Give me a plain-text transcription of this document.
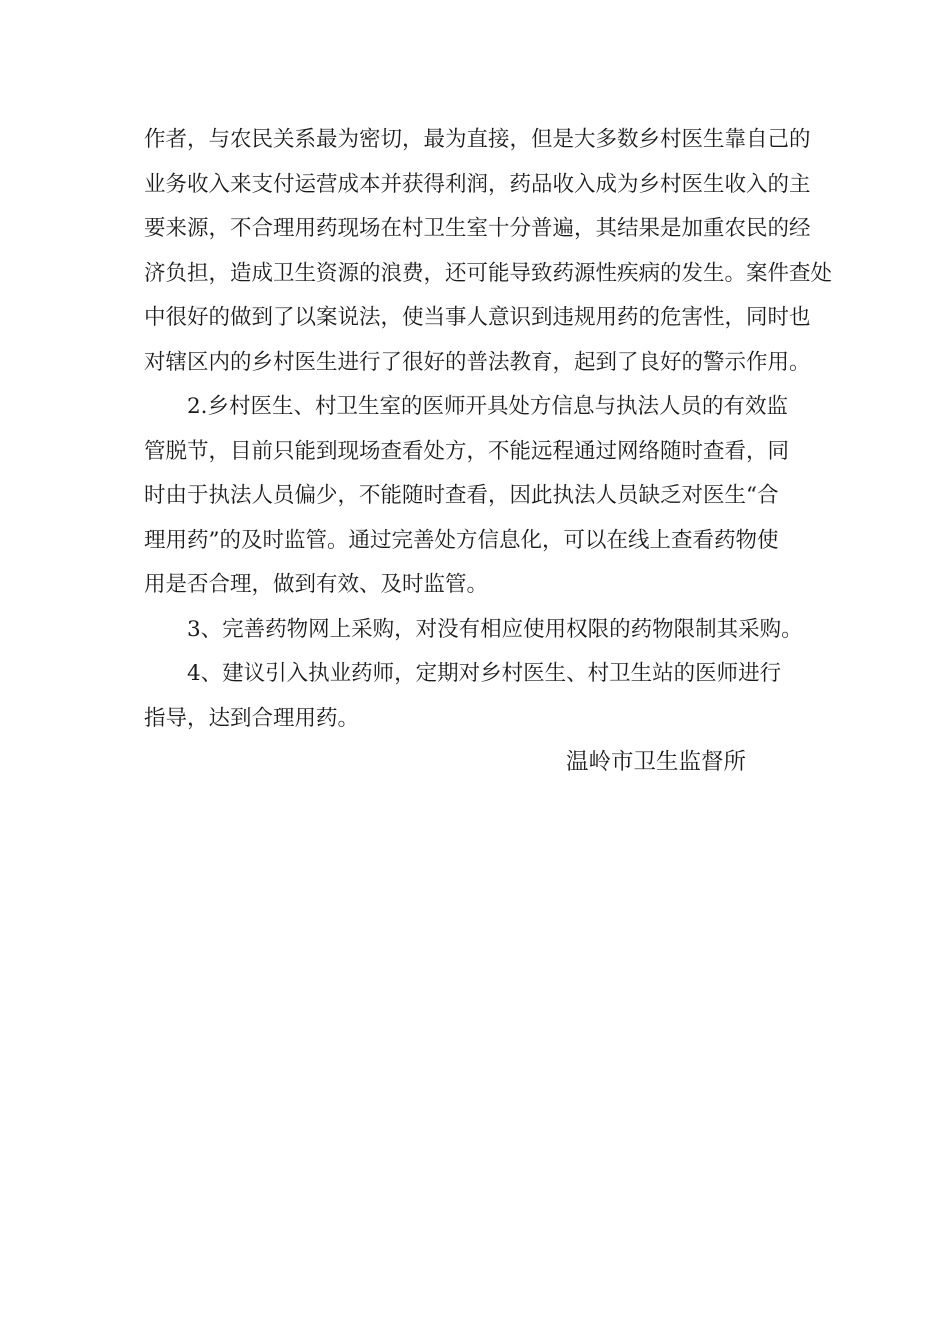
作者，与农民关系最为密切，最为直接，但是大多数乡村医生靠自己的
业务收入来支付运营成本并获得利润，药品收入成为乡村医生收入的主
要来源，不合理用药现场在村卫生室十分普遍，其结果是加重农民的经
济负担，造成卫生资源的浪费，还可能导致药源性疾病的发生。案件查处
中很好的做到了以案说法，使当事人意识到违规用药的危害性，同时也
对辖区内的乡村医生进行了很好的普法教育，起到了良好的警示作用。
2.乡村医生、村卫生室的医师开具处方信息与执法人员的有效监
管脱节，目前只能到现场查看处方，不能远程通过网络随时查看，同
时由于执法人员偏少，不能随时查看，因此执法人员缺乏对医生“合
理用药”的及时监管。通过完善处方信息化，可以在线上查看药物使
用是否合理，做到有效、及时监管。
3、完善药物网上采购，对没有相应使用权限的药物限制其采购。
4、建议引入执业药师，定期对乡村医生、村卫生站的医师进行
指导，达到合理用药。
温岭市卫生监督所
